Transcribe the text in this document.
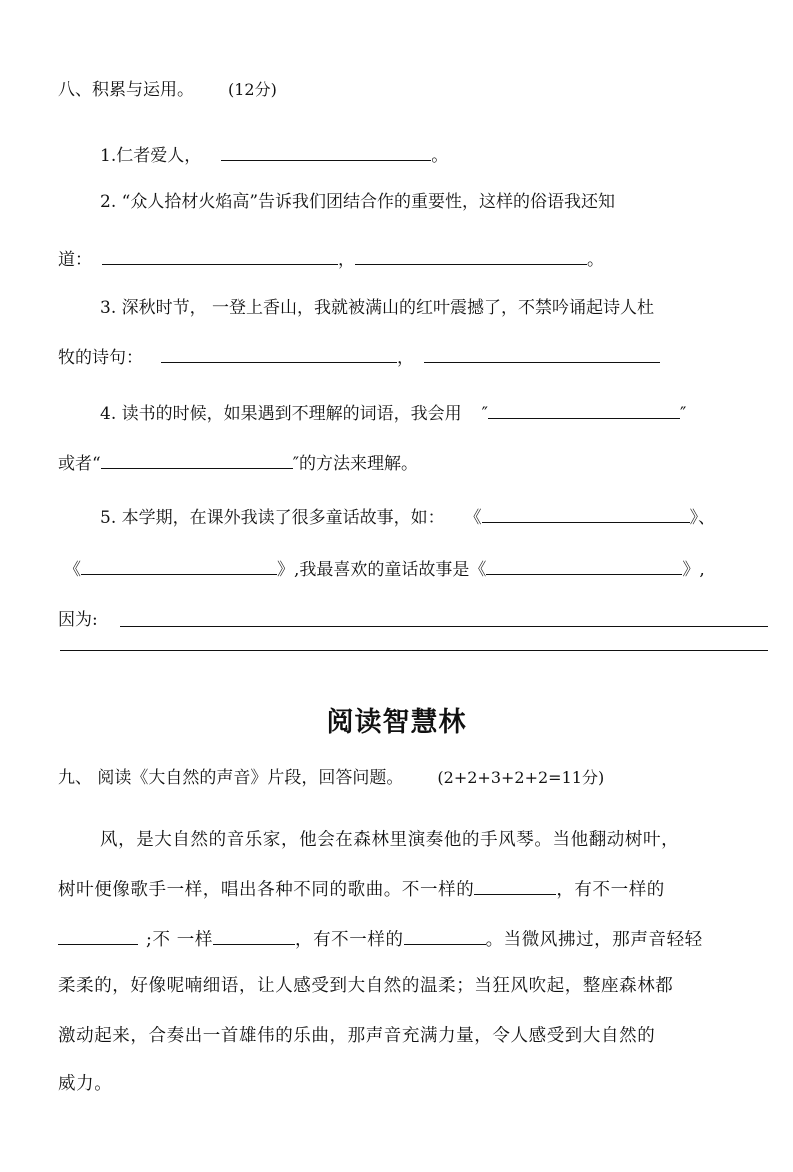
八、积累与运用。 (12分)
1.仁者爱人，	。
2. “众人拾材火焰高”告诉我们团结合作的重要性，这样的俗语我还知
道：	，	。
3. 深秋时节， 一登上香山，我就被满山的红叶震撼了，不禁吟诵起诗人杜
牧的诗句：	，
4. 读书的时候，如果遇到不理解的词语，我会用 ″	″
或者“	″的方法来理解。
5. 本学期，在课外我读了很多童话故事，如： 《	》、
《	》,我最喜欢的童话故事是《	》,
因为:
阅读智慧林
九、 阅读《大自然的声音》片段，回答问题。 (2+2+3+2+2=11分)
风，是大自然的音乐家，他会在森林里演奏他的手风琴。当他翻动树叶，
树叶便像歌手一样，唱出各种不同的歌曲。不一样的	，有不一样的
;不 一样	，有不一样的	。当微风拂过，那声音轻轻
柔柔的，好像呢喃细语，让人感受到大自然的温柔；当狂风吹起，整座森林都
激动起来，合奏出一首雄伟的乐曲，那声音充满力量，令人感受到大自然的
威力。
